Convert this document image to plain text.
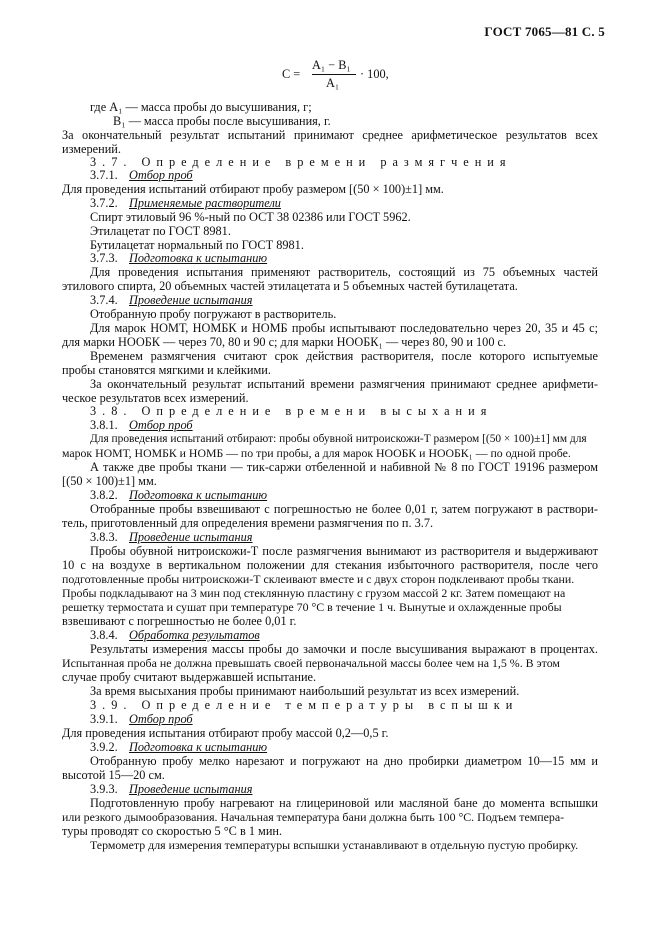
ГОСТ 7065—81 С. 5
C =
A₁ − B₁
A₁
· 100,
где A₁ — масса пробы до высушивания, г;
B₁ — масса пробы после высушивания, г.
За окончательный результат испытаний принимают среднее арифметическое результатов всех
измерений.
3.7. Определение времени размягчения
3.7.1. Отбор проб
Для проведения испытаний отбирают пробу размером [(50 × 100)±1] мм.
3.7.2. Применяемые растворители
Спирт этиловый 96 %-ный по ОСТ 38 02386 или ГОСТ 5962.
Этилацетат по ГОСТ 8981.
Бутилацетат нормальный по ГОСТ 8981.
3.7.3. Подготовка к испытанию
Для проведения испытания применяют растворитель, состоящий из 75 объемных частей
этилового спирта, 20 объемных частей этилацетата и 5 объемных частей бутилацетата.
3.7.4. Проведение испытания
Отобранную пробу погружают в растворитель.
Для марок НОМТ, НОМБК и НОМБ пробы испытывают последовательно через 20, 35 и 45 с;
для марки НООБК — через 70, 80 и 90 с; для марки НООБК₁ — через 80, 90 и 100 с.
Временем размягчения считают срок действия растворителя, после которого испытуемые
пробы становятся мягкими и клейкими.
За окончательный результат испытаний времени размягчения принимают среднее арифмети-
ческое результатов всех измерений.
3.8. Определение времени высыхания
3.8.1. Отбор проб
Для проведения испытаний отбирают: пробы обувной нитроискожи-Т размером [(50 × 100)±1] мм для
марок НОМТ, НОМБК и НОМБ — по три пробы, а для марок НООБК и НООБК₁ — по одной пробе.
А также две пробы ткани — тик-саржи отбеленной и набивной № 8 по ГОСТ 19196 размером
[(50 × 100)±1] мм.
3.8.2. Подготовка к испытанию
Отобранные пробы взвешивают с погрешностью не более 0,01 г, затем погружают в раствори-
тель, приготовленный для определения времени размягчения по п. 3.7.
3.8.3. Проведение испытания
Пробы обувной нитроискожи-Т после размягчения вынимают из растворителя и выдерживают
10 с на воздухе в вертикальном положении для стекания избыточного растворителя, после чего
подготовленные пробы нитроискожи-Т склеивают вместе и с двух сторон подклеивают пробы ткани.
Пробы подкладывают на 3 мин под стеклянную пластину с грузом массой 2 кг. Затем помещают на
решетку термостата и сушат при температуре 70 °С в течение 1 ч. Вынутые и охлажденные пробы
взвешивают с погрешностью не более 0,01 г.
3.8.4. Обработка результатов
Результаты измерения массы пробы до замочки и после высушивания выражают в процентах.
Испытанная проба не должна превышать своей первоначальной массы более чем на 1,5 %. В этом
случае пробу считают выдержавшей испытание.
За время высыхания пробы принимают наибольший результат из всех измерений.
3.9. Определение температуры вспышки
3.9.1. Отбор проб
Для проведения испытания отбирают пробу массой 0,2—0,5 г.
3.9.2. Подготовка к испытанию
Отобранную пробу мелко нарезают и погружают на дно пробирки диаметром 10—15 мм и
высотой 15—20 см.
3.9.3. Проведение испытания
Подготовленную пробу нагревают на глицериновой или масляной бане до момента вспышки
или резкого дымообразования. Начальная температура бани должна быть 100 °С. Подъем темпера-
туры проводят со скоростью 5 °С в 1 мин.
Термометр для измерения температуры вспышки устанавливают в отдельную пустую пробирку.
